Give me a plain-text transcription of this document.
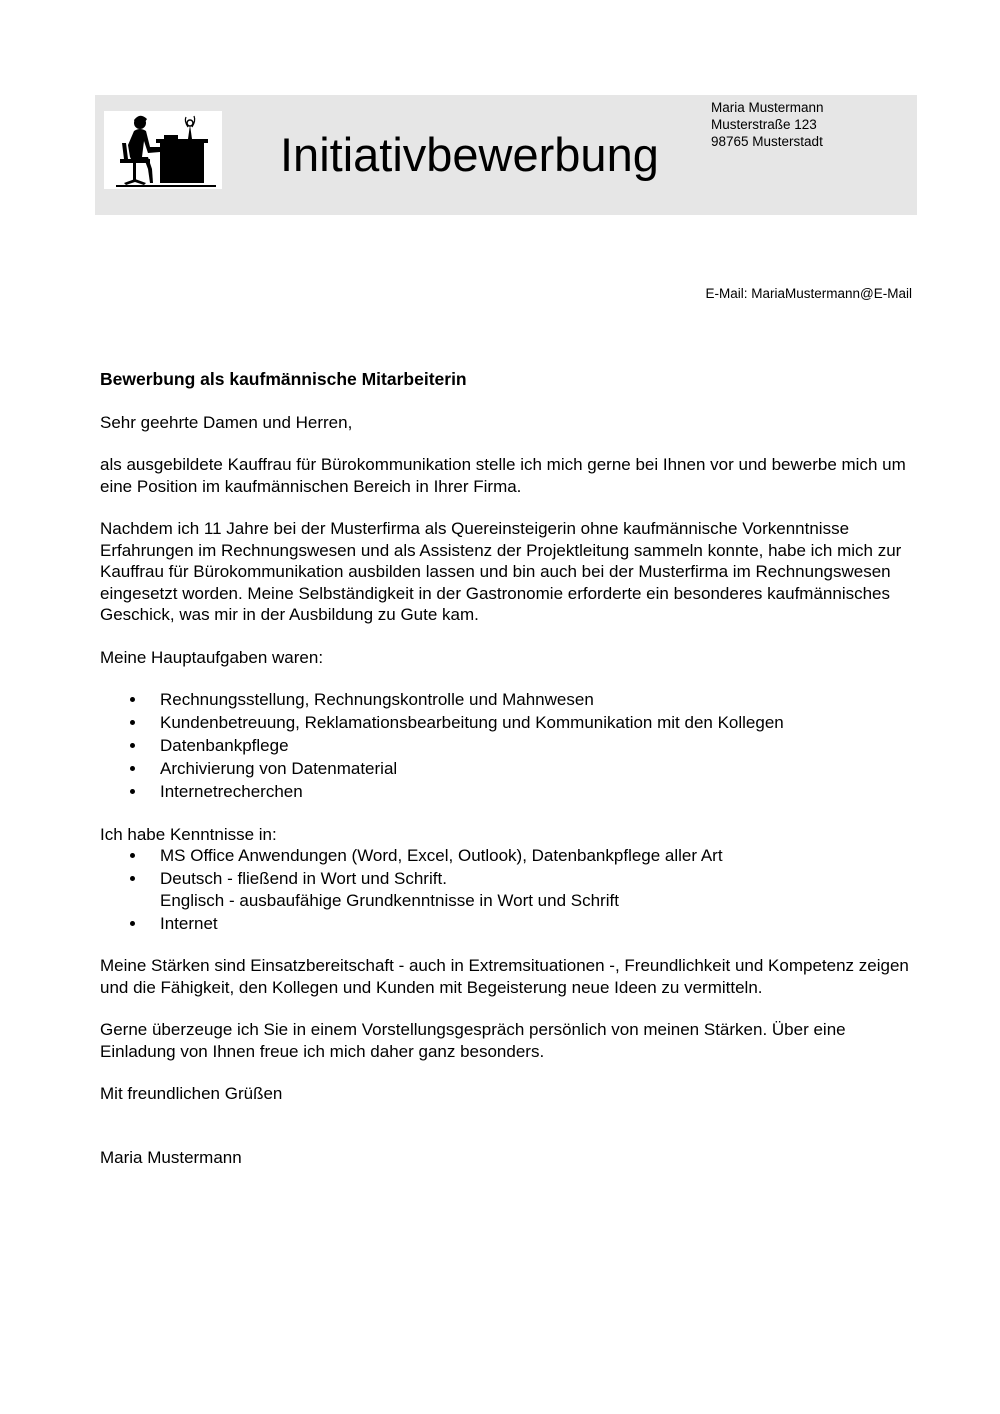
Initiativbewerbung
Maria Mustermann
Musterstraße 123
98765 Musterstadt
E-Mail: MariaMustermann@E-Mail
Bewerbung als kaufmännische Mitarbeiterin

Sehr geehrte Damen und Herren,

als ausgebildete Kauffrau für Bürokommunikation stelle ich mich gerne bei Ihnen vor und bewerbe mich um eine Position im kaufmännischen Bereich in Ihrer Firma.

Nachdem ich 11 Jahre bei der Musterfirma als Quereinsteigerin ohne kaufmännische Vorkenntnisse Erfahrungen im Rechnungswesen und als Assistenz der Projektleitung sammeln konnte, habe ich mich zur Kauffrau für Bürokommunikation ausbilden lassen und bin auch bei der Musterfirma im Rechnungswesen eingesetzt worden. Meine Selbständigkeit in der Gastronomie erforderte ein besonderes kaufmännisches Geschick, was mir in der Ausbildung zu Gute kam.

Meine Hauptaufgaben waren:

Rechnungsstellung, Rechnungskontrolle und Mahnwesen
Kundenbetreuung, Reklamationsbearbeitung und Kommunikation mit den Kollegen
Datenbankpflege
Archivierung von Datenmaterial
Internetrecherchen
Ich habe Kenntnisse in:
MS Office Anwendungen (Word, Excel, Outlook), Datenbankpflege aller Art
Deutsch - fließend in Wort und Schrift.
Englisch - ausbaufähige Grundkenntnisse in Wort und Schrift
Internet

Meine Stärken sind Einsatzbereitschaft - auch in Extremsituationen -, Freundlichkeit und Kompetenz zeigen und die Fähigkeit, den Kollegen und Kunden mit Begeisterung neue Ideen zu vermitteln.

Gerne überzeuge ich Sie in einem Vorstellungsgespräch persönlich von meinen Stärken. Über eine Einladung von Ihnen freue ich mich daher ganz besonders.

Mit freundlichen Grüßen

Maria Mustermann
